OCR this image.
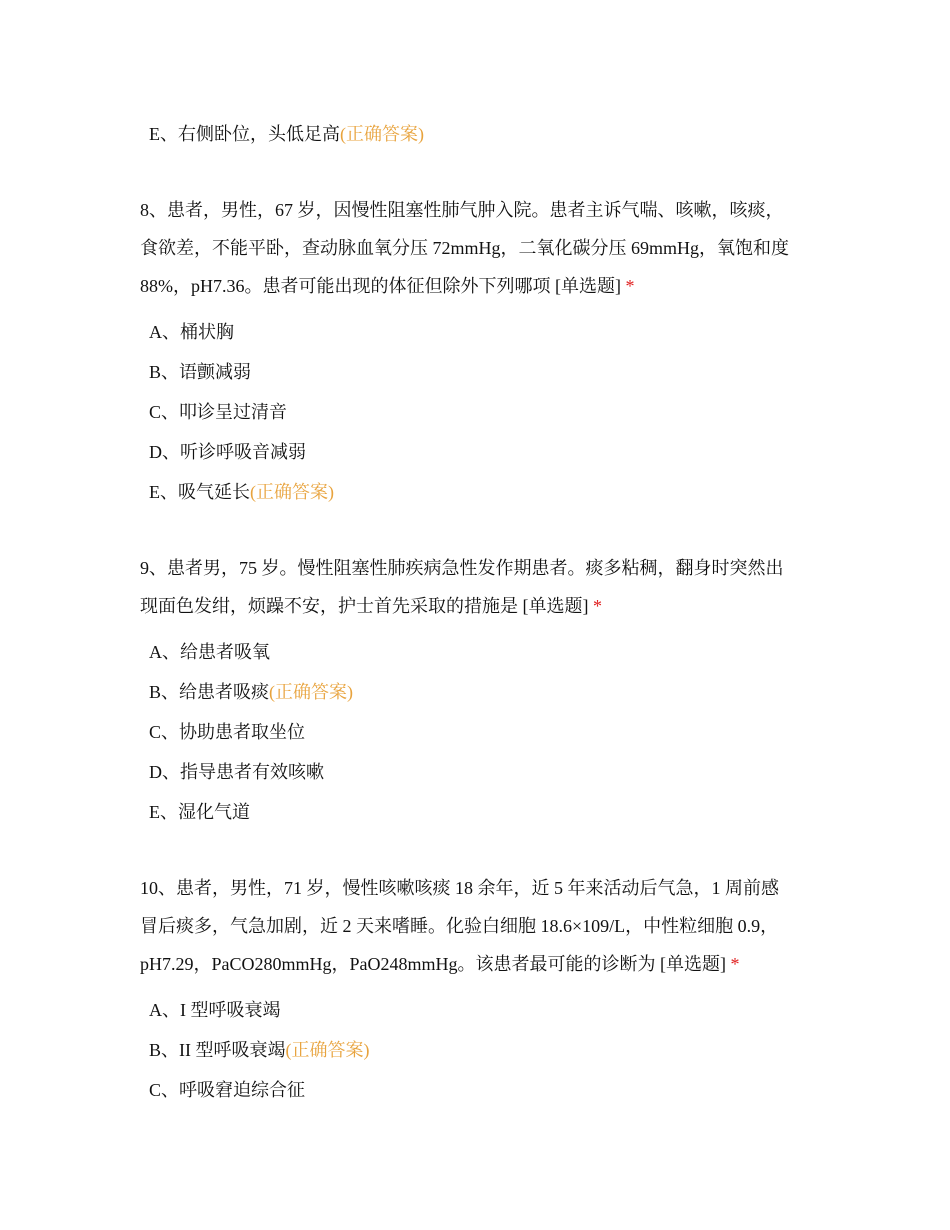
E、右侧卧位，头低足高(正确答案)
8、患者，男性，67 岁，因慢性阻塞性肺气肿入院。患者主诉气喘、咳嗽，咳痰，
食欲差，不能平卧，查动脉血氧分压 72mmHg，二氧化碳分压 69mmHg，氧饱和度
88%，pH7.36。患者可能出现的体征但除外下列哪项 [单选题] *
A、桶状胸
B、语颤减弱
C、叩诊呈过清音
D、听诊呼吸音减弱
E、吸气延长(正确答案)
9、患者男，75 岁。慢性阻塞性肺疾病急性发作期患者。痰多粘稠，翻身时突然出
现面色发绀，烦躁不安，护士首先采取的措施是 [单选题] *
A、给患者吸氧
B、给患者吸痰(正确答案)
C、协助患者取坐位
D、指导患者有效咳嗽
E、湿化气道
10、患者，男性，71 岁，慢性咳嗽咳痰 18 余年，近 5 年来活动后气急，1 周前感
冒后痰多，气急加剧，近 2 天来嗜睡。化验白细胞 18.6×109/L，中性粒细胞 0.9，
pH7.29，PaCO280mmHg，PaO248mmHg。该患者最可能的诊断为 [单选题] *
A、I 型呼吸衰竭
B、II 型呼吸衰竭(正确答案)
C、呼吸窘迫综合征
